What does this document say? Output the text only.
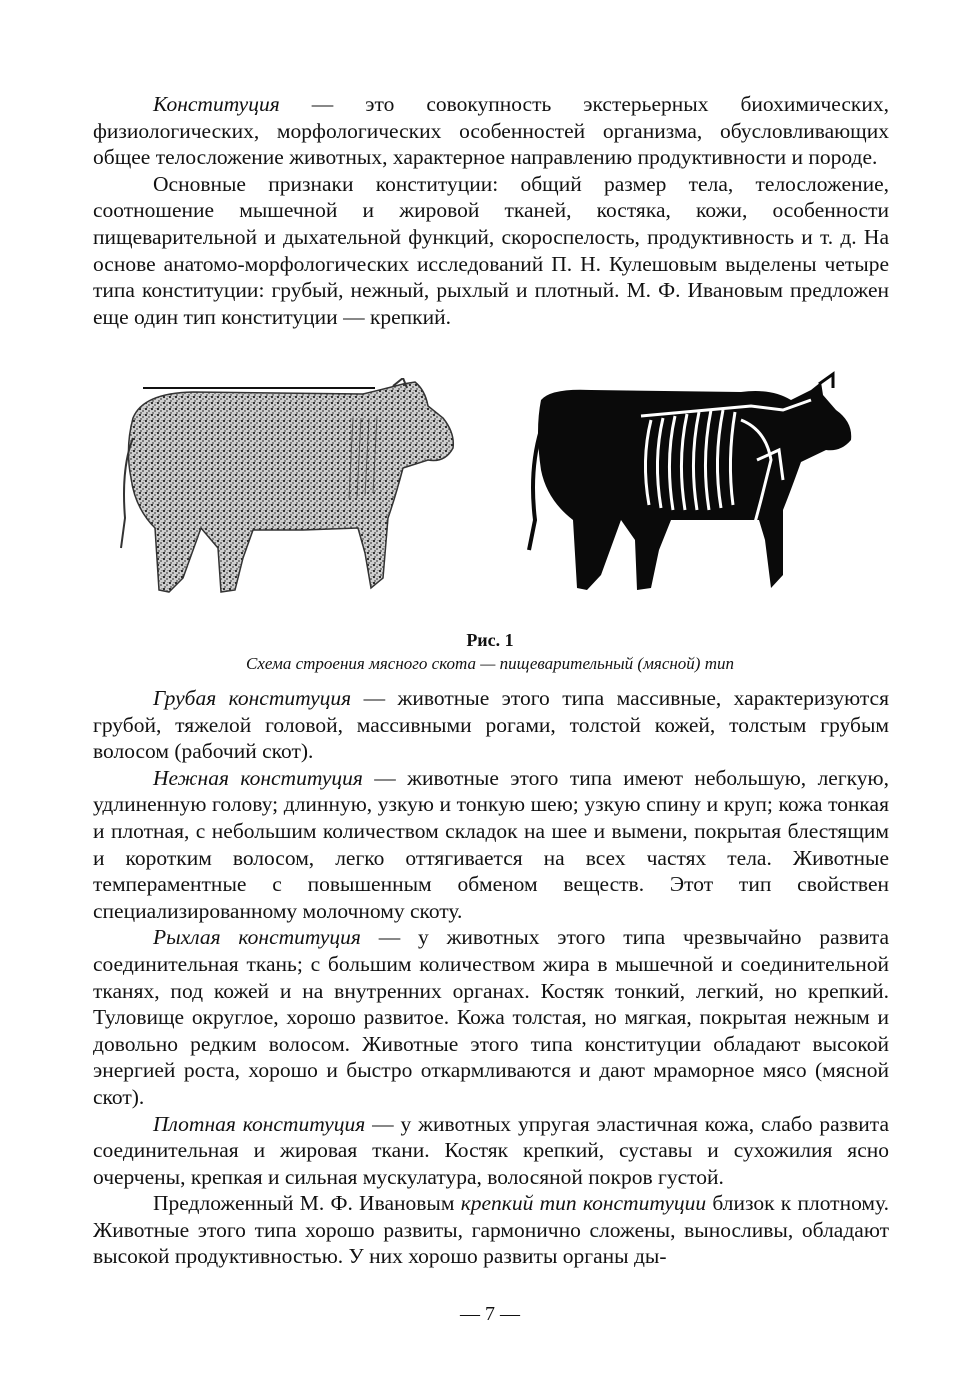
Конституция — это совокупность экстерьерных биохимических, физиологических, морфологических особенностей организма, обусловливающих общее телосложение животных, характерное направлению продуктивности и породе.

Основные признаки конституции: общий размер тела, телосложение, соотношение мышечной и жировой тканей, костяка, кожи, особенности пищеварительной и дыхательной функций, скороспелость, продуктивность и т. д. На основе анатомо-морфологических исследований П. Н. Кулешовым выделены четыре типа конституции: грубый, нежный, рыхлый и плотный. М. Ф. Ивановым предложен еще один тип конституции — крепкий.

Рис. 1
Схема строения мясного скота — пищеварительный (мясной) тип

Грубая конституция — животные этого типа массивные, характеризуются грубой, тяжелой головой, массивными рогами, толстой кожей, толстым грубым волосом (рабочий скот).

Нежная конституция — животные этого типа имеют небольшую, легкую, удлиненную голову; длинную, узкую и тонкую шею; узкую спину и круп; кожа тонкая и плотная, с небольшим количеством складок на шее и вымени, покрытая блестящим и коротким волосом, легко оттягивается на всех частях тела. Животные темпераментные с повышенным обменом веществ. Этот тип свойствен специализированному молочному скоту.

Рыхлая конституция — у животных этого типа чрезвычайно развита соединительная ткань; с большим количеством жира в мышечной и соединительной тканях, под кожей и на внутренних органах. Костяк тонкий, легкий, но крепкий. Туловище округлое, хорошо развитое. Кожа толстая, но мягкая, покрытая нежным и довольно редким волосом. Животные этого типа конституции обладают высокой энергией роста, хорошо и быстро откармливаются и дают мраморное мясо (мясной скот).

Плотная конституция — у животных упругая эластичная кожа, слабо развита соединительная и жировая ткани. Костяк крепкий, суставы и сухожилия ясно очерчены, крепкая и сильная мускулатура, волосяной покров густой.

Предложенный М. Ф. Ивановым крепкий тип конституции близок к плотному. Животные этого типа хорошо развиты, гармонично сложены, выносливы, обладают высокой продуктивностью. У них хорошо развиты органы ды-

— 7 —
